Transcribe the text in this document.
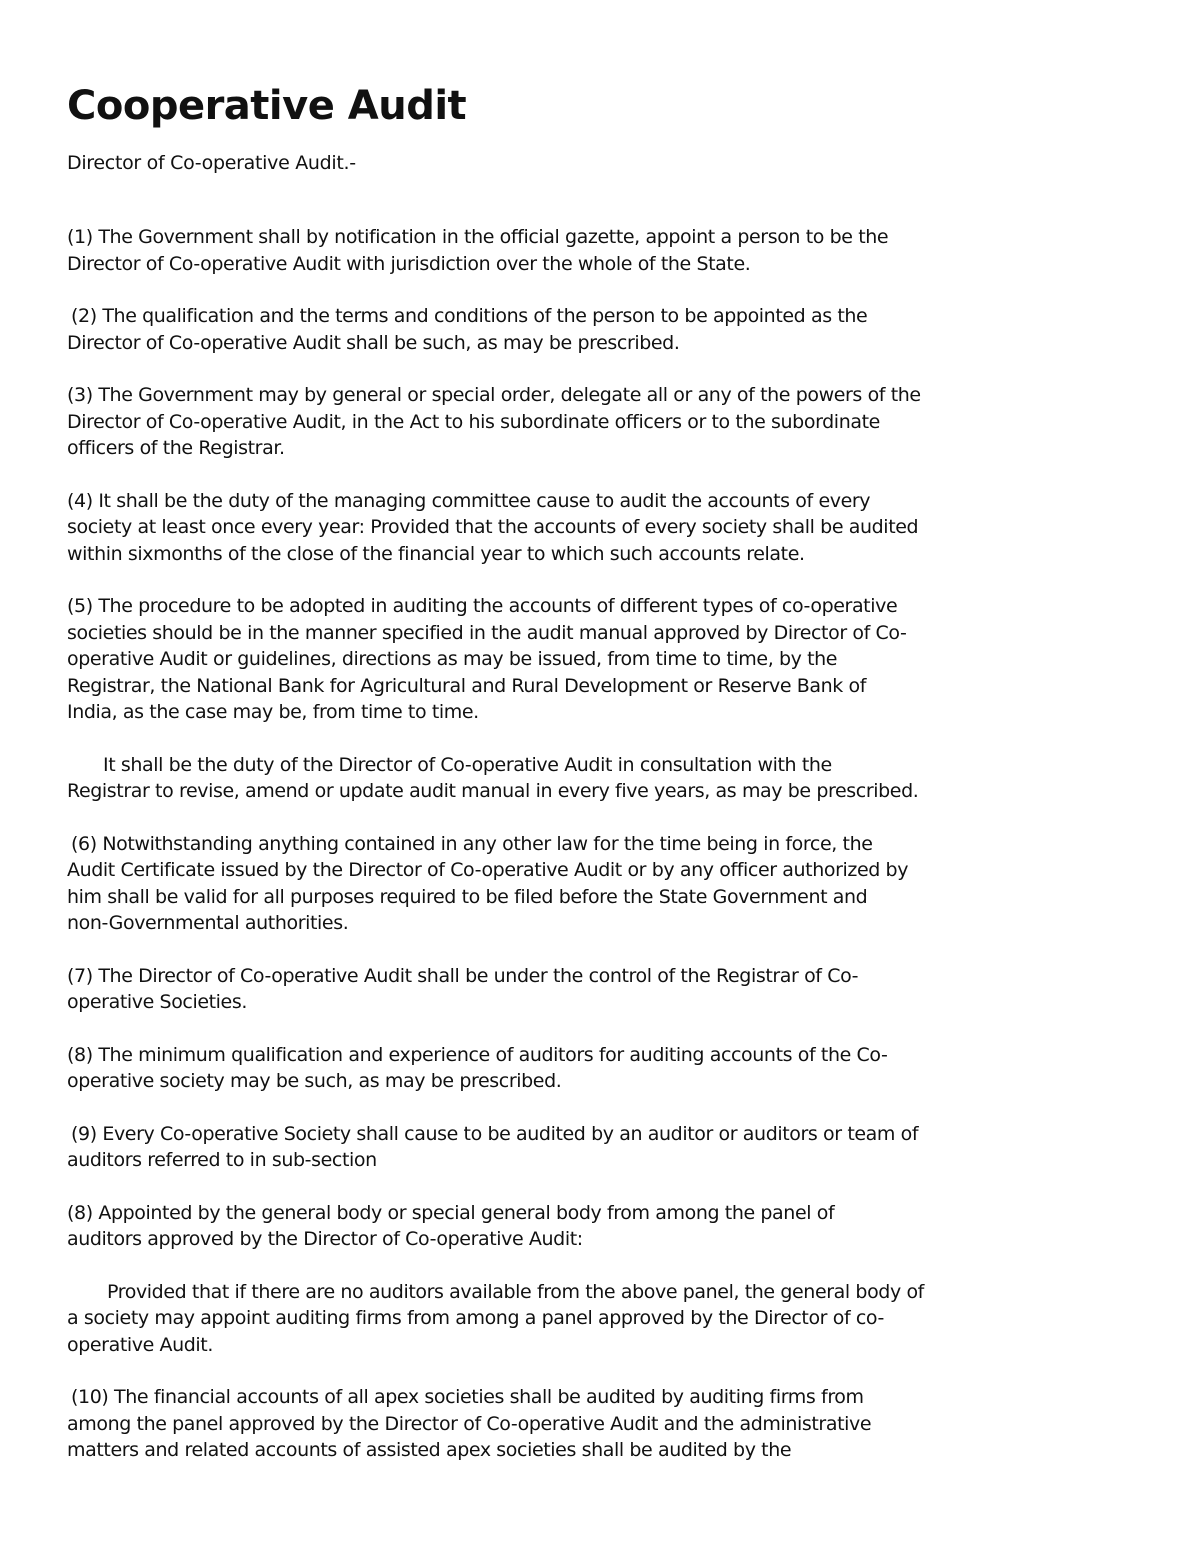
Cooperative Audit
Director of Co-operative Audit.-

(1) The Government shall by notification in the official gazette, appoint a person to be the
Director of Co-operative Audit with jurisdiction over the whole of the State.

(2) The qualification and the terms and conditions of the person to be appointed as the
Director of Co-operative Audit shall be such, as may be prescribed.

(3) The Government may by general or special order, delegate all or any of the powers of the
Director of Co-operative Audit, in the Act to his subordinate officers or to the subordinate
officers of the Registrar.

(4) It shall be the duty of the managing committee cause to audit the accounts of every
society at least once every year: Provided that the accounts of every society shall be audited
within sixmonths of the close of the financial year to which such accounts relate.

(5) The procedure to be adopted in auditing the accounts of different types of co-operative
societies should be in the manner specified in the audit manual approved by Director of Co-
operative Audit or guidelines, directions as may be issued, from time to time, by the
Registrar, the National Bank for Agricultural and Rural Development or Reserve Bank of
India, as the case may be, from time to time.

It shall be the duty of the Director of Co-operative Audit in consultation with the
Registrar to revise, amend or update audit manual in every five years, as may be prescribed.

(6) Notwithstanding anything contained in any other law for the time being in force, the
Audit Certificate issued by the Director of Co-operative Audit or by any officer authorized by
him shall be valid for all purposes required to be filed before the State Government and
non-Governmental authorities.

(7) The Director of Co-operative Audit shall be under the control of the Registrar of Co-
operative Societies.

(8) The minimum qualification and experience of auditors for auditing accounts of the Co-
operative society may be such, as may be prescribed.

(9) Every Co-operative Society shall cause to be audited by an auditor or auditors or team of
auditors referred to in sub-section

(8) Appointed by the general body or special general body from among the panel of
auditors approved by the Director of Co-operative Audit:

Provided that if there are no auditors available from the above panel, the general body of
a society may appoint auditing firms from among a panel approved by the Director of co-
operative Audit.

(10) The financial accounts of all apex societies shall be audited by auditing firms from
among the panel approved by the Director of Co-operative Audit and the administrative
matters and related accounts of assisted apex societies shall be audited by the
